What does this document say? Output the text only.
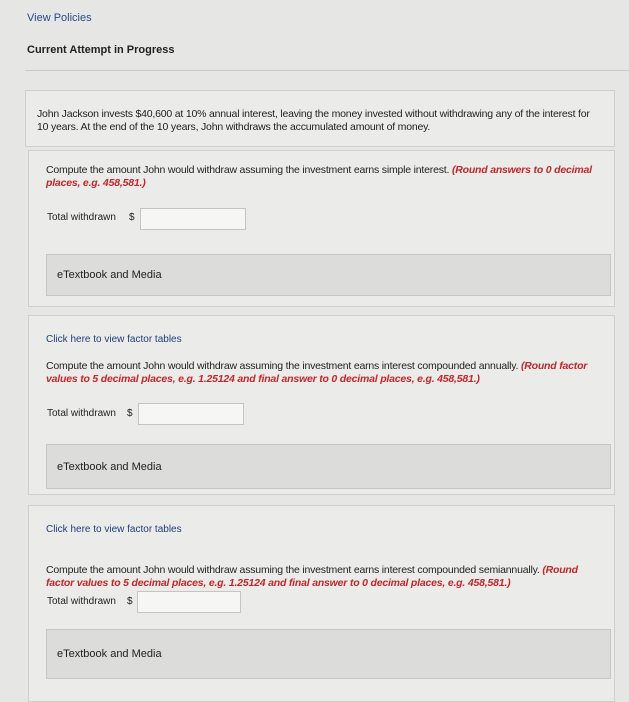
View Policies
Current Attempt in Progress
John Jackson invests $40,600 at 10% annual interest, leaving the money invested without withdrawing any of the interest for 10 years. At the end of the 10 years, John withdraws the accumulated amount of money.
Compute the amount John would withdraw assuming the investment earns simple interest. (Round answers to 0 decimal places, e.g. 458,581.)
Total withdrawn $
eTextbook and Media
Click here to view factor tables
Compute the amount John would withdraw assuming the investment earns interest compounded annually. (Round factor values to 5 decimal places, e.g. 1.25124 and final answer to 0 decimal places, e.g. 458,581.)
Total withdrawn $
eTextbook and Media
Click here to view factor tables
Compute the amount John would withdraw assuming the investment earns interest compounded semiannually. (Round factor values to 5 decimal places, e.g. 1.25124 and final answer to 0 decimal places, e.g. 458,581.)
Total withdrawn $
eTextbook and Media
